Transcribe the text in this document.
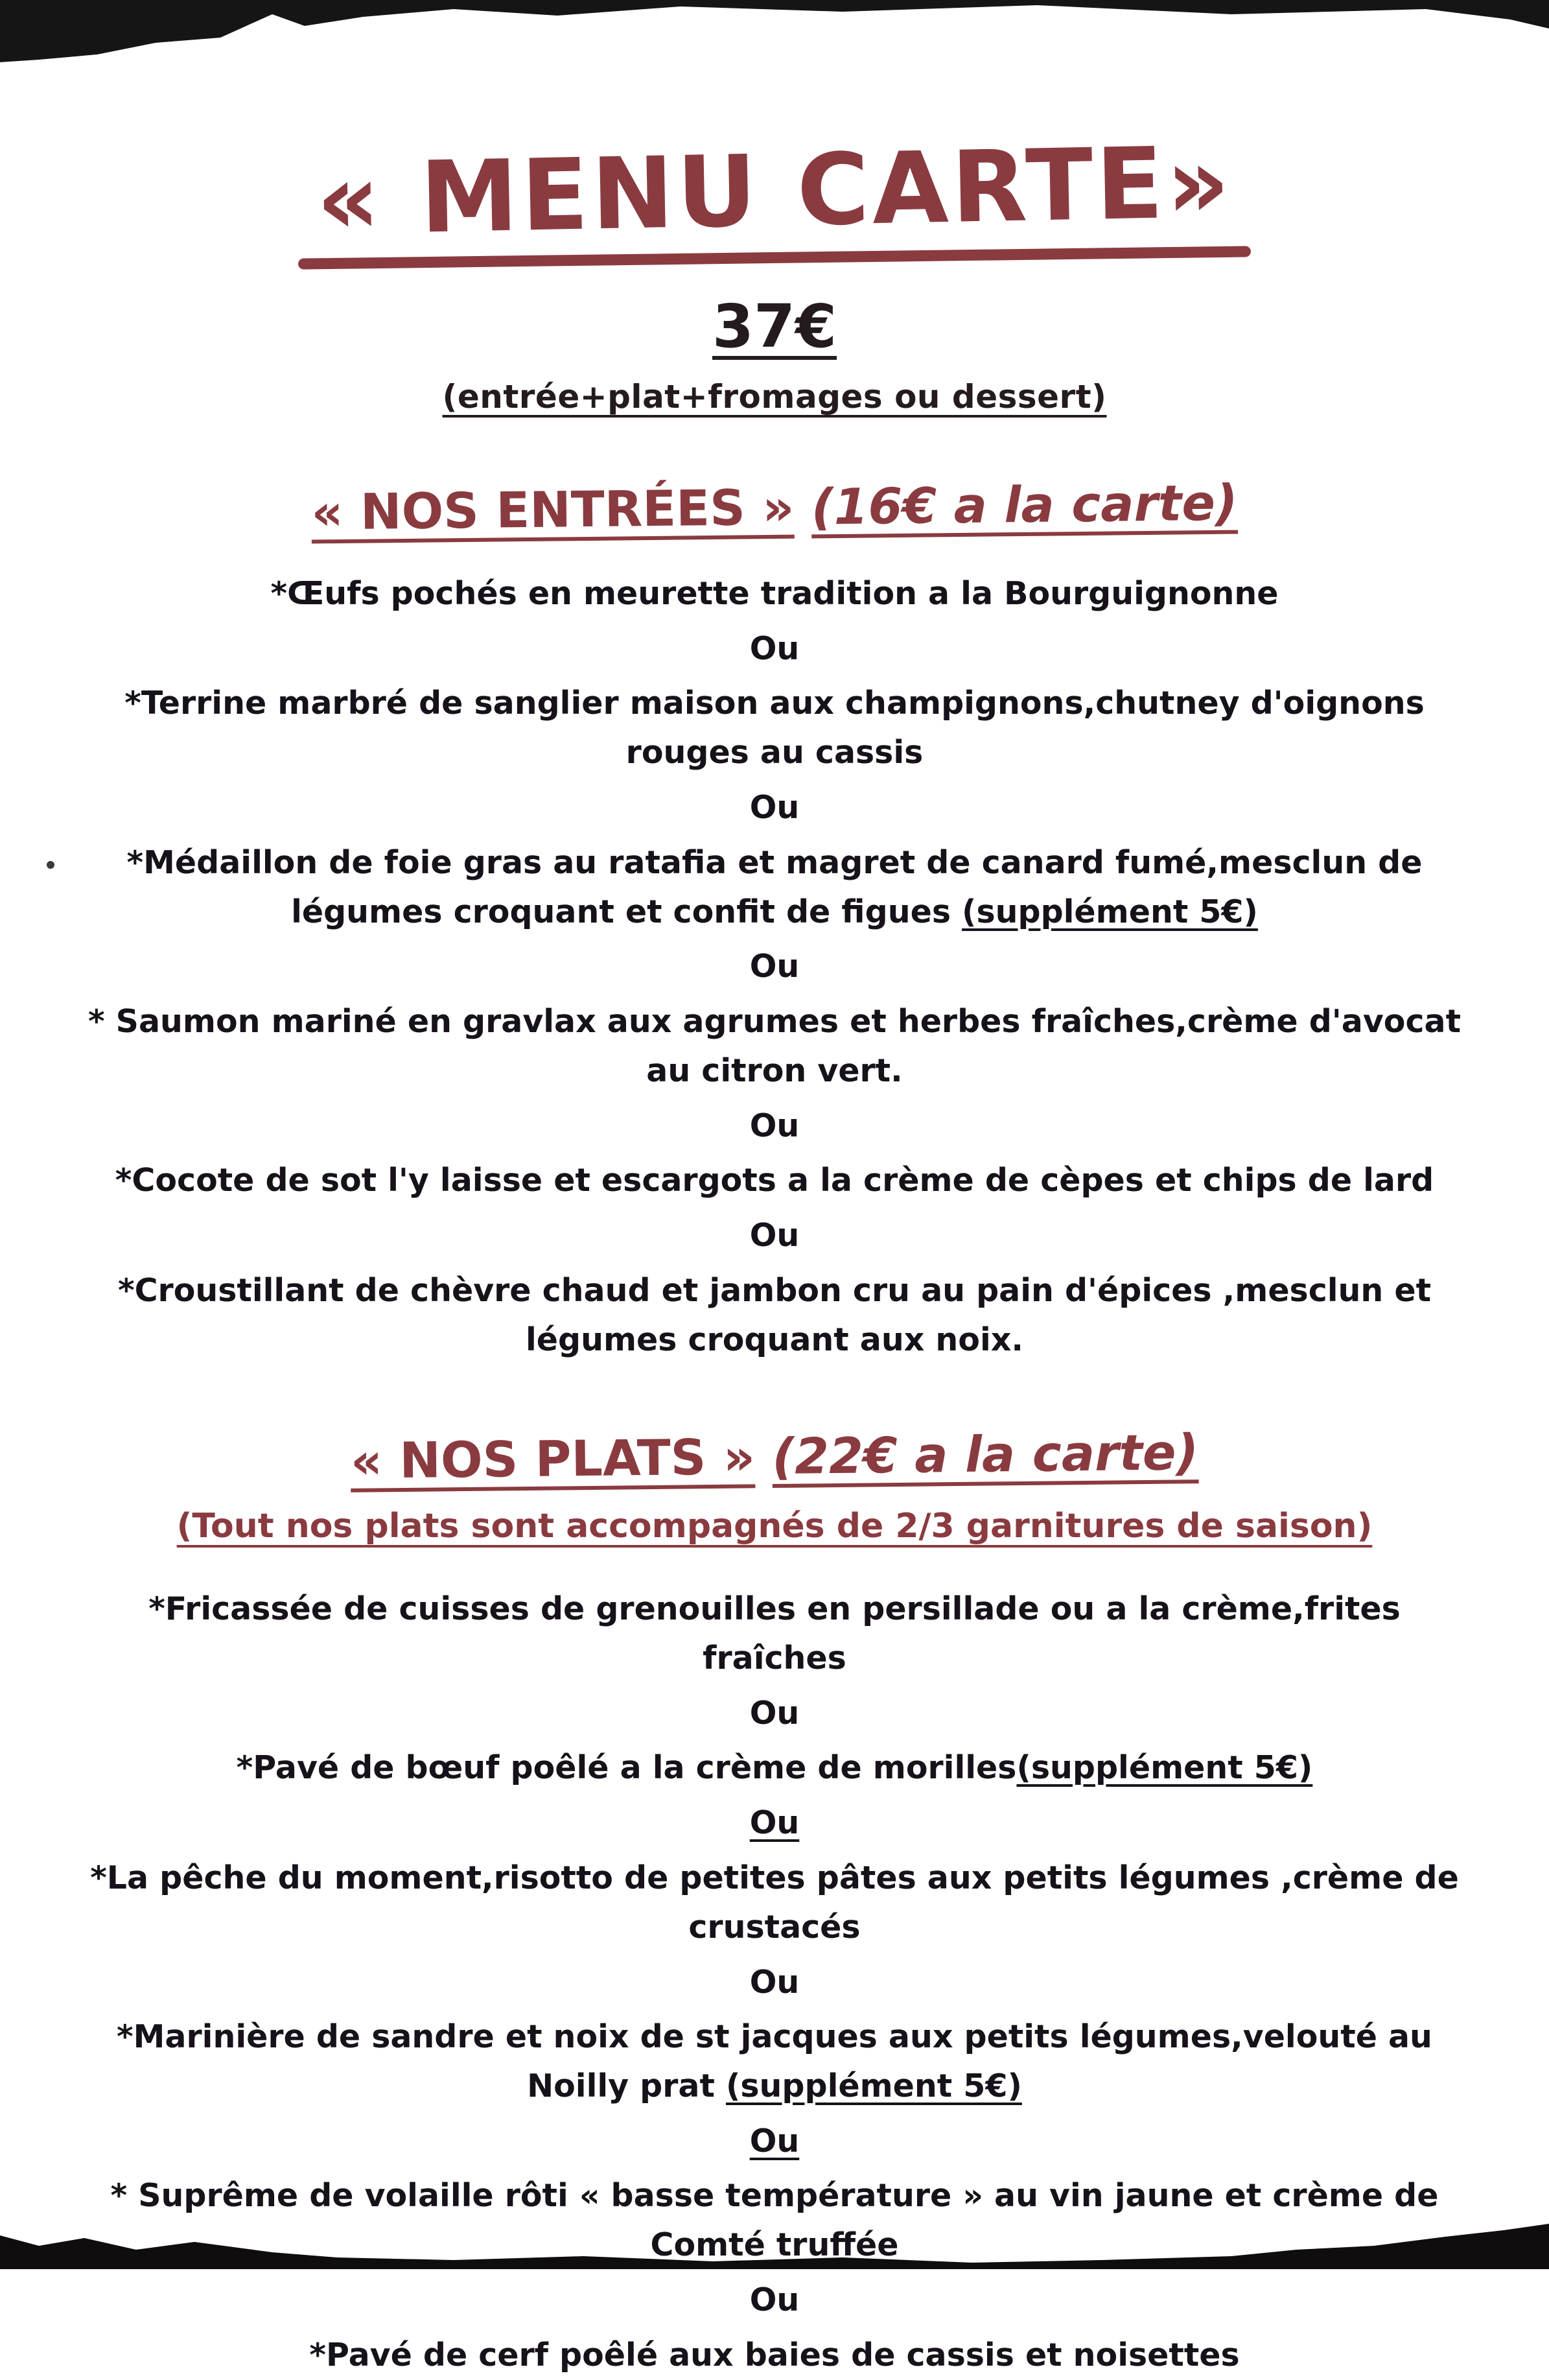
« MENU CARTE»
37€
(entrée+plat+fromages ou dessert)
« NOS ENTRÉES » (16€ a la carte)

*Œufs pochés en meurette tradition a la Bourguignonne

Ou

*Terrine marbré de sanglier maison aux champignons,chutney d'oignons rouges au cassis

Ou

*Médaillon de foie gras au ratafia et magret de canard fumé,mesclun de légumes croquant et confit de figues (supplément 5€)

Ou

* Saumon mariné en gravlax aux agrumes et herbes fraîches,crème d'avocat au citron vert.

Ou

*Cocote de sot l'y laisse et escargots a la crème de cèpes et chips de lard

Ou

*Croustillant de chèvre chaud et jambon cru au pain d'épices ,mesclun et légumes croquant aux noix.

« NOS PLATS » (22€ a la carte)

(Tout nos plats sont accompagnés de 2/3 garnitures de saison)

*Fricassée de cuisses de grenouilles en persillade ou a la crème,frites fraîches

Ou

*Pavé de bœuf poêlé a la crème de morilles(supplément 5€)

Ou

*La pêche du moment,risotto de petites pâtes aux petits légumes ,crème de crustacés

Ou

*Marinière de sandre et noix de st jacques aux petits légumes,velouté au Noilly prat (supplément 5€)

Ou

* Suprême de volaille rôti « basse température » au vin jaune et crème de Comté truffée

Ou

*Pavé de cerf poêlé aux baies de cassis et noisettes
